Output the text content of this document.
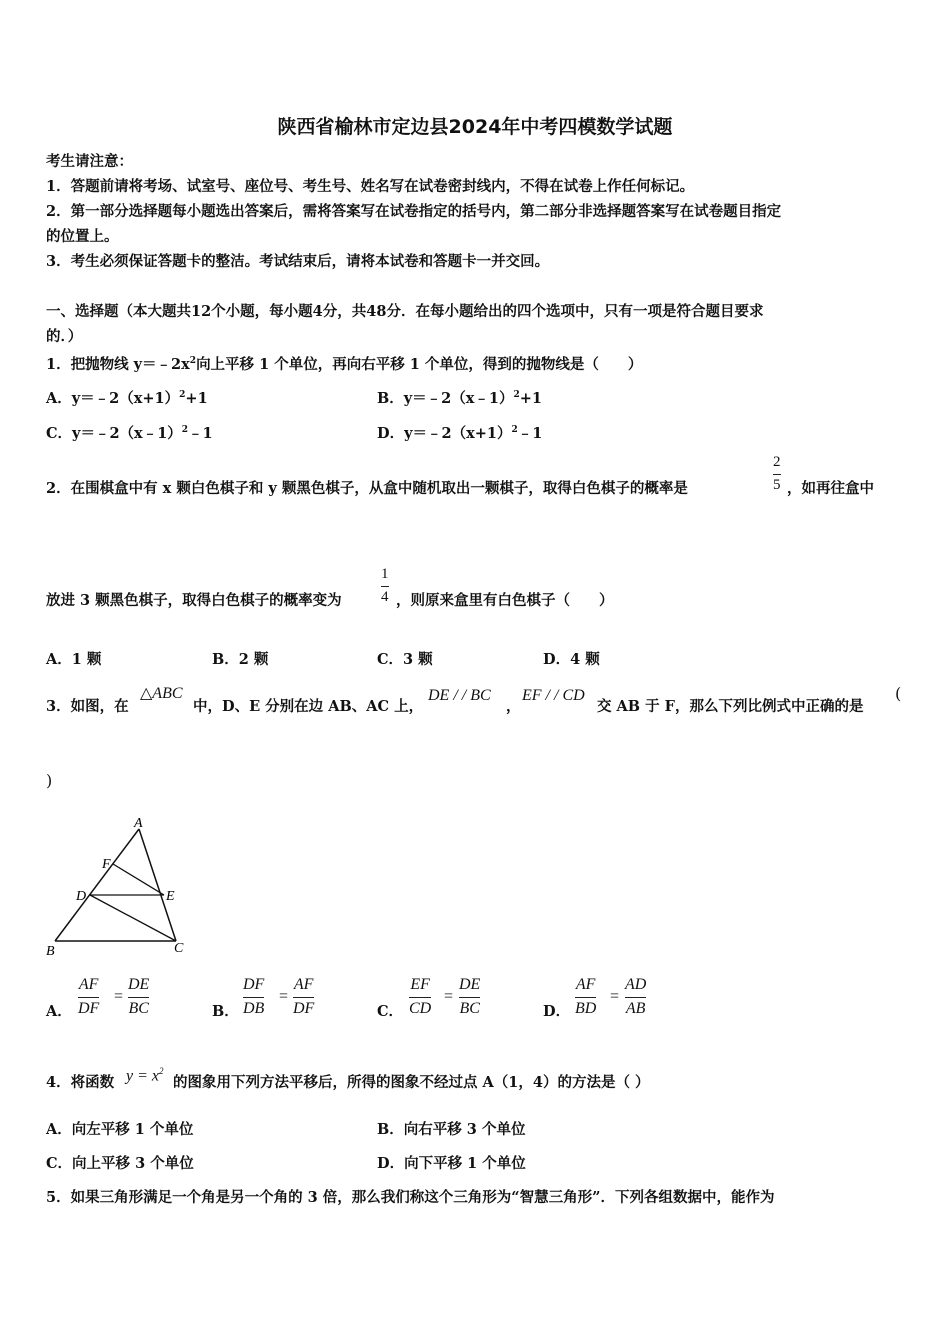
陕西省榆林市定边县2024年中考四模数学试题
考生请注意：
1．答题前请将考场、试室号、座位号、考生号、姓名写在试卷密封线内，不得在试卷上作任何标记。
2．第一部分选择题每小题选出答案后，需将答案写在试卷指定的括号内，第二部分非选择题答案写在试卷题目指定
的位置上。
3．考生必须保证答题卡的整洁。考试结束后，请将本试卷和答题卡一并交回。
一、选择题（本大题共12个小题，每小题4分，共48分．在每小题给出的四个选项中，只有一项是符合题目要求
的．）
1．把抛物线 $y=﹣2x^2$向上平移 1 个单位，再向右平移 1 个单位，得到的抛物线是（　　）
A．$y=﹣2(x+1)^2+1$	B．y＝﹣2（x﹣1）$^2$+1
C．y＝﹣2（x﹣1）$^2$﹣1	D．$y=﹣2(x+1)^2﹣1$
2．在围棋盒中有 x 颗白色棋子和 y 颗黑色棋子，从盒中随机取出一颗棋子，取得白色棋子的概率是
2
5 ，如再往盒中
放进 3 颗黑色棋子，取得白色棋子的概率变为
1
4 ，则原来盒里有白色棋子（　　）
A．1 颗	B．2 颗	C．3 颗	D．4 颗
3．如图，在
△ABC
中，D、E 分别在边 AB、AC 上，
DE / / BC
，
EF / / CD
交 AB 于 F，那么下列比例式中正确的是
(
)
A
F
D	E
B	C
A．
AF
DF
=
DE
BC	B．
DF
DB
=
AF
DF	C．
EF
CD
=
DE
BC	D．
AF
BD
=
AD
AB
4．将函数 $y = x^2$
的图象用下列方法平移后，所得的图象不经过点 A（1，4）的方法是（ ）
A．向左平移 1 个单位	B．向右平移 3 个单位
C．向上平移 3 个单位	D．向下平移 1 个单位
5．如果三角形满足一个角是另一个角的 3 倍，那么我们称这个三角形为“智慧三角形”．下列各组数据中，能作为
